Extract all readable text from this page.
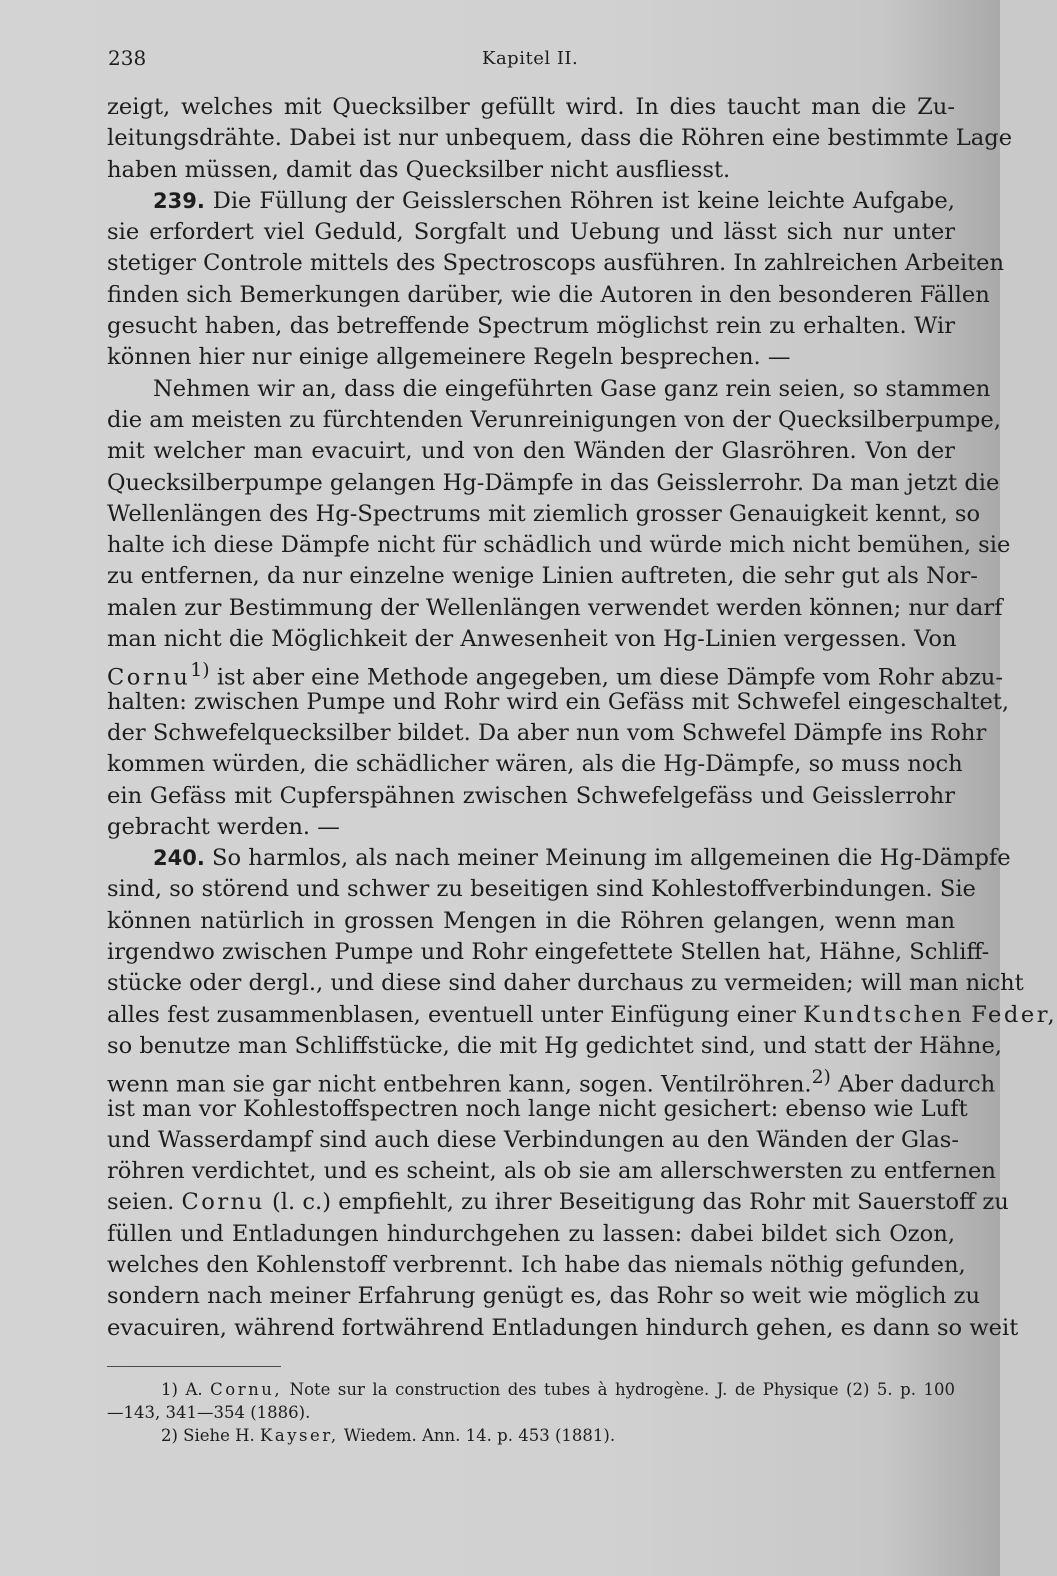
238	Kapitel II.
zeigt, welches mit Quecksilber gefüllt wird. In dies taucht man die Zu-
leitungsdrähte. Dabei ist nur unbequem, dass die Röhren eine bestimmte Lage
haben müssen, damit das Quecksilber nicht ausfliesst.
239. Die Füllung der Geisslerschen Röhren ist keine leichte Aufgabe,
sie erfordert viel Geduld, Sorgfalt und Uebung und lässt sich nur unter
stetiger Controle mittels des Spectroscops ausführen. In zahlreichen Arbeiten
finden sich Bemerkungen darüber, wie die Autoren in den besonderen Fällen
gesucht haben, das betreffende Spectrum möglichst rein zu erhalten. Wir
können hier nur einige allgemeinere Regeln besprechen. —
Nehmen wir an, dass die eingeführten Gase ganz rein seien, so stammen
die am meisten zu fürchtenden Verunreinigungen von der Quecksilberpumpe,
mit welcher man evacuirt, und von den Wänden der Glasröhren. Von der
Quecksilberpumpe gelangen Hg-Dämpfe in das Geisslerrohr. Da man jetzt die
Wellenlängen des Hg-Spectrums mit ziemlich grosser Genauigkeit kennt, so
halte ich diese Dämpfe nicht für schädlich und würde mich nicht bemühen, sie
zu entfernen, da nur einzelne wenige Linien auftreten, die sehr gut als Nor-
malen zur Bestimmung der Wellenlängen verwendet werden können; nur darf
man nicht die Möglichkeit der Anwesenheit von Hg-Linien vergessen. Von
Cornu$^{1)}$ ist aber eine Methode angegeben, um diese Dämpfe vom Rohr abzu-
halten: zwischen Pumpe und Rohr wird ein Gefäss mit Schwefel eingeschaltet,
der Schwefelquecksilber bildet. Da aber nun vom Schwefel Dämpfe ins Rohr
kommen würden, die schädlicher wären, als die Hg-Dämpfe, so muss noch
ein Gefäss mit Cupferspähnen zwischen Schwefelgefäss und Geisslerrohr
gebracht werden. —
240. So harmlos, als nach meiner Meinung im allgemeinen die Hg-Dämpfe
sind, so störend und schwer zu beseitigen sind Kohlestoffverbindungen. Sie
können natürlich in grossen Mengen in die Röhren gelangen, wenn man
irgendwo zwischen Pumpe und Rohr eingefettete Stellen hat, Hähne, Schliff-
stücke oder dergl., und diese sind daher durchaus zu vermeiden; will man nicht
alles fest zusammenblasen, eventuell unter Einfügung einer Kundtschen Feder,
so benutze man Schliffstücke, die mit Hg gedichtet sind, und statt der Hähne,
wenn man sie gar nicht entbehren kann, sogen. Ventilröhren.$^{2)}$ Aber dadurch
ist man vor Kohlestoffspectren noch lange nicht gesichert: ebenso wie Luft
und Wasserdampf sind auch diese Verbindungen au den Wänden der Glas-
röhren verdichtet, und es scheint, als ob sie am allerschwersten zu entfernen
seien. Cornu (l. c.) empfiehlt, zu ihrer Beseitigung das Rohr mit Sauerstoff zu
füllen und Entladungen hindurchgehen zu lassen: dabei bildet sich Ozon,
welches den Kohlenstoff verbrennt. Ich habe das niemals nöthig gefunden,
sondern nach meiner Erfahrung genügt es, das Rohr so weit wie möglich zu
evacuiren, während fortwährend Entladungen hindurch gehen, es dann so weit
1) A. Cornu, Note sur la construction des tubes à hydrogène. J. de Physique (2) 5. p. 100
—143, 341—354 (1886).
2) Siehe H. Kayser, Wiedem. Ann. 14. p. 453 (1881).
